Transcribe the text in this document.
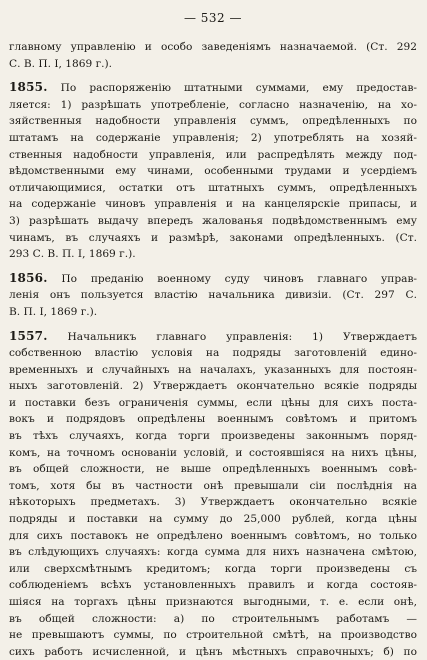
— 532 —
главному управленію и особо заведеніямъ назначаемой. (Ст. 292
С. В. П. I, 1869 г.).
1855. По распоряженію штатными суммами, ему предостав-
ляется: 1) разрѣшать употребленіе, согласно назначенію, на хо-
зяйственныя надобности управленія суммъ, опредѣленныхъ по
штатамъ на содержаніе управленія; 2) употреблять на хозяй-
ственныя надобности управленія, или распредѣлять между под-
вѣдомственными ему чинами, особенными трудами и усердіемъ
отличающимися, остатки отъ штатныхъ суммъ, опредѣленныхъ
на содержаніе чиновъ управленія и на канцелярскіе припасы, и
3) разрѣшать выдачу впередъ жалованья подвѣдомственнымъ ему
чинамъ, въ случаяхъ и размѣрѣ, законами опредѣленныхъ. (Ст.
293 С. В. П. I, 1869 г.).
1856. По преданію военному суду чиновъ главнаго управ-
ленія онъ пользуется властію начальника дивизіи. (Ст. 297 С.
В. П. I, 1869 г.).
1557. Начальникъ главнаго управленія: 1) Утверждаетъ
собственною властію условія на подряды заготовленій едино-
временныхъ и случайныхъ на началахъ, указанныхъ для постоян-
ныхъ заготовленій. 2) Утверждаетъ окончательно всякіе подряды
и поставки безъ ограниченія суммы, если цѣны для сихъ поста-
вокъ и подрядовъ опредѣлены военнымъ совѣтомъ и притомъ
въ тѣхъ случаяхъ, когда торги произведены законнымъ поряд-
комъ, на точномъ основаніи условій, и состоявшіяся на нихъ цѣны,
въ общей сложности, не выше опредѣленныхъ военнымъ совѣ-
томъ, хотя бы въ частности онѣ превышали сіи послѣднія на
нѣкоторыхъ предметахъ. 3) Утверждаетъ окончательно всякіе
подряды и поставки на сумму до 25,000 рублей, когда цѣны
для сихъ поставокъ не опредѣлено военнымъ совѣтомъ, но только
въ слѣдующихъ случаяхъ: когда сумма для нихъ назначена смѣтою,
или сверхсмѣтнымъ кредитомъ; когда торги произведены съ
соблюденіемъ всѣхъ установленныхъ правилъ и когда состояв-
шіяся на торгахъ цѣны признаются выгодными, т. е. если онѣ,
въ общей сложности: а) по строительнымъ работамъ —
не превышаютъ суммы, по строительной смѣтѣ, на производство
сихъ работъ исчисленной, и цѣнъ мѣстныхъ справочныхъ; б) по
